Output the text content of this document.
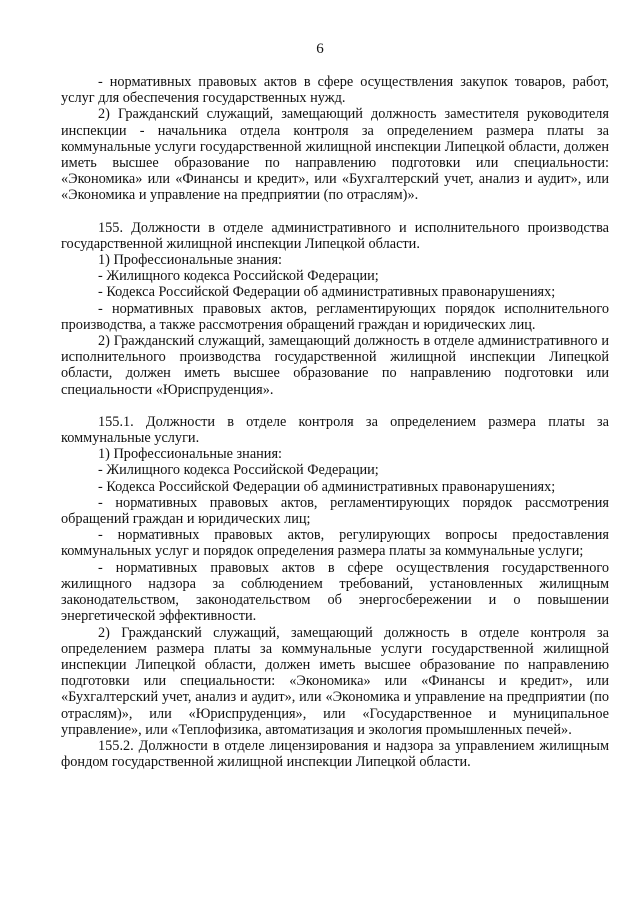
6

- нормативных правовых актов в сфере осуществления закупок товаров, работ, услуг для обеспечения государственных нужд.

2) Гражданский служащий, замещающий должность заместителя руководителя инспекции - начальника отдела контроля за определением размера платы за коммунальные услуги государственной жилищной инспекции Липецкой области, должен иметь высшее образование по направлению подготовки или специальности: «Экономика» или «Финансы и кредит», или «Бухгалтерский учет, анализ и аудит», или «Экономика и управление на предприятии (по отраслям)».

155. Должности в отделе административного и исполнительного производства государственной жилищной инспекции Липецкой области.

1) Профессиональные знания:

- Жилищного кодекса Российской Федерации;

- Кодекса Российской Федерации об административных правонарушениях;

- нормативных правовых актов, регламентирующих порядок исполнительного производства, а также рассмотрения обращений граждан и юридических лиц.

2) Гражданский служащий, замещающий должность в отделе административного и исполнительного производства государственной жилищной инспекции Липецкой области, должен иметь высшее образование по направлению подготовки или специальности «Юриспруденция».

155.1. Должности в отделе контроля за определением размера платы за коммунальные услуги.

1) Профессиональные знания:

- Жилищного кодекса Российской Федерации;

- Кодекса Российской Федерации об административных правонарушениях;

- нормативных правовых актов, регламентирующих порядок рассмотрения обращений граждан и юридических лиц;

- нормативных правовых актов, регулирующих вопросы предоставления коммунальных услуг и порядок определения размера платы за коммунальные услуги;

- нормативных правовых актов в сфере осуществления государственного жилищного надзора за соблюдением требований, установленных жилищным законодательством, законодательством об энергосбережении и о повышении энергетической эффективности.

2) Гражданский служащий, замещающий должность в отделе контроля за определением размера платы за коммунальные услуги государственной жилищной инспекции Липецкой области, должен иметь высшее образование по направлению подготовки или специальности: «Экономика» или «Финансы и кредит», или «Бухгалтерский учет, анализ и аудит», или «Экономика и управление на предприятии (по отраслям)», или «Юриспруденция», или «Государственное и муниципальное управление», или «Теплофизика, автоматизация и экология промышленных печей».

155.2. Должности в отделе лицензирования и надзора за управлением жилищным фондом государственной жилищной инспекции Липецкой области.
